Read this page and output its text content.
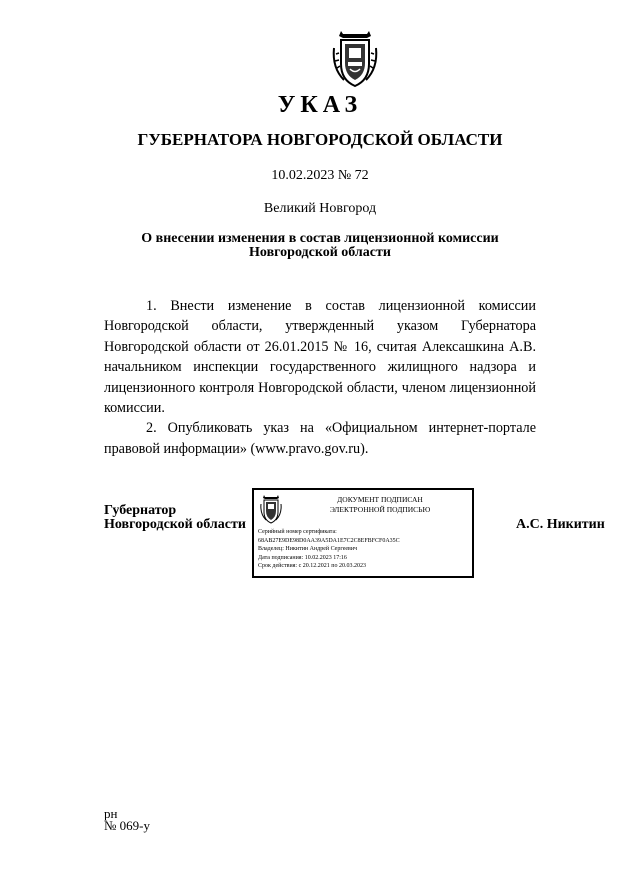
УКАЗ
ГУБЕРНАТОРА НОВГОРОДСКОЙ ОБЛАСТИ
10.02.2023 № 72
Великий Новгород
О внесении изменения в состав лицензионной комиссии
Новгородской области

1. Внести изменение в состав лицензионной комиссии Новгородской области, утвержденный указом Губернатора Новгородской области от 26.01.2015 № 16, считая Алексашкина А.В. начальником инспекции государственного жилищного надзора и лицензионного контроля Новгородской области, членом лицензионной комиссии.

2. Опубликовать указ на «Официальном интернет-портале правовой информации» (www.pravo.gov.ru).

Губернатор
Новгородской области
ДОКУМЕНТ ПОДПИСАН
ЭЛЕКТРОННОЙ ПОДПИСЬЮ
Серийный номер сертификата:
68AB27E9DE98D0AA39A5DA1E7C2C8EFBFCF0A35C
Владелец: Никитин Андрей Сергеевич
Дата подписания: 10.02.2023 17:16
Срок действия: с 20.12.2021 по 20.03.2023
А.С. Никитин
рн
№ 069-у
